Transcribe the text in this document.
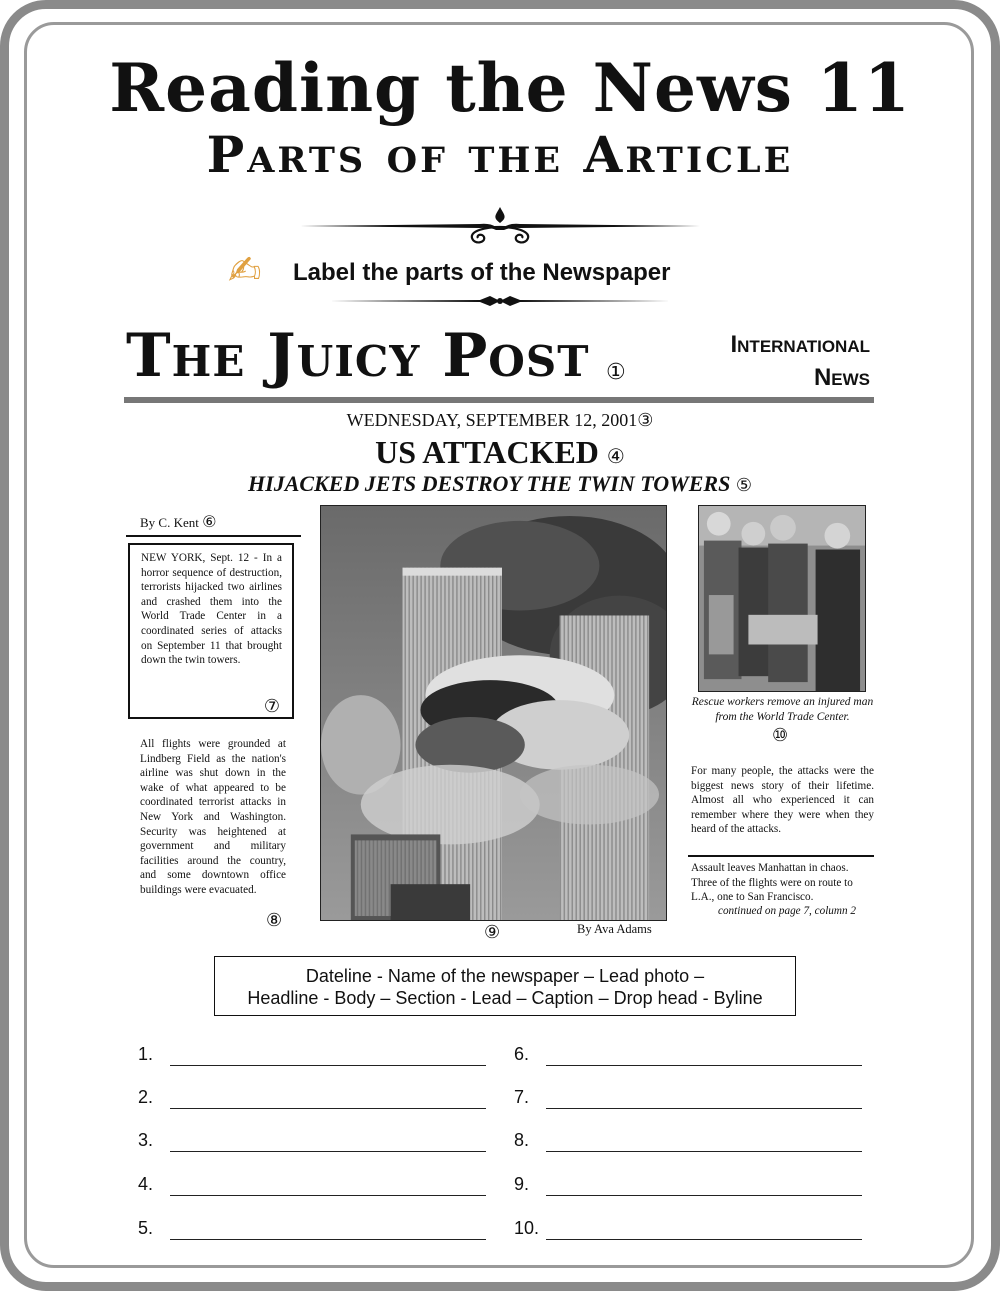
Reading the News 11
Parts of the Article
✍ Label the parts of the Newspaper
The Juicy Post ①
International
News
WEDNESDAY, SEPTEMBER 12, 2001③
US ATTACKED ④
HIJACKED JETS DESTROY THE TWIN TOWERS ⑤
By C. Kent ⑥
NEW YORK, Sept. 12 - In a horror sequence of destruction, terrorists hijacked two airlines and crashed them into the World Trade Center in a coordinated series of attacks on September 11 that brought down the twin towers.
⑦
All flights were grounded at Lindberg Field as the nation's airline was shut down in the wake of what appeared to be coordinated terrorist attacks in New York and Washington. Security was heightened at government and military facilities around the country, and some downtown office buildings were evacuated.
⑧
⑨	By Ava Adams
Rescue workers remove an injured man from the World Trade Center.
⑩
For many people, the attacks were the biggest news story of their lifetime. Almost all who experienced it can remember where they were when they heard of the attacks.
Assault leaves Manhattan in chaos. Three of the flights were on route to L.A., one to San Francisco.
continued on page 7, column 2
Dateline - Name of the newspaper – Lead photo –
Headline - Body – Section - Lead – Caption – Drop head - Byline
1.
2.
3.
4.
5.
6.
7.
8.
9.
10.
